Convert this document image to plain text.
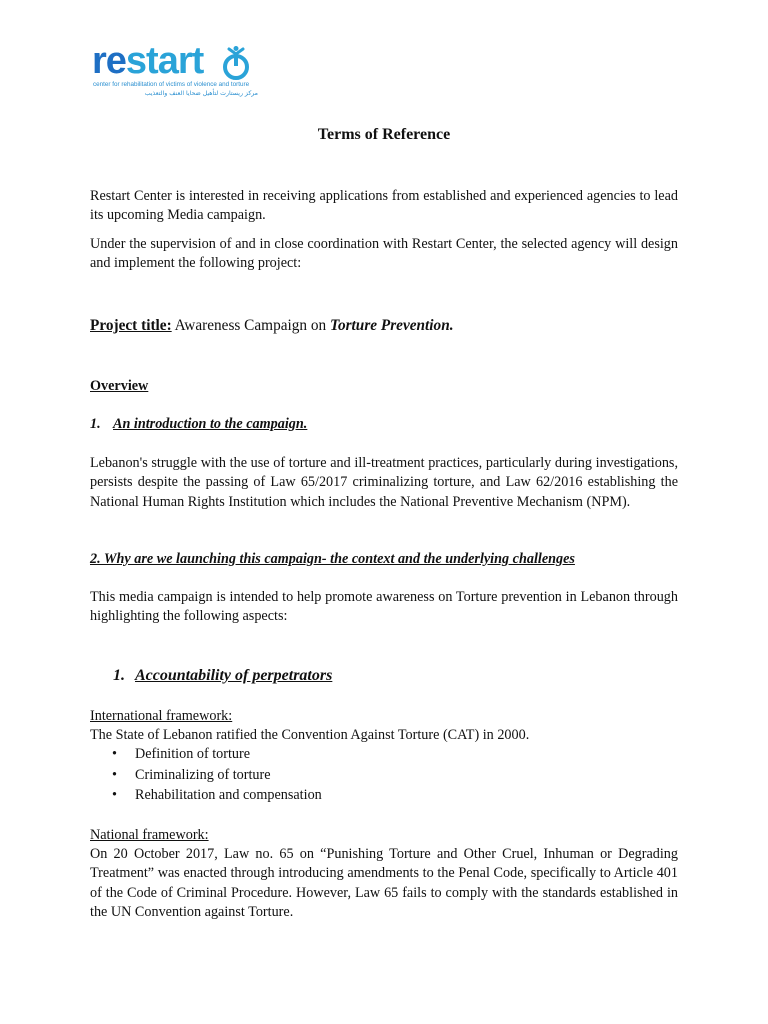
restart
center for rehabilitation of victims of violence and torture
مركز ريستارت لتأهيل ضحايا العنف والتعذيب
Terms of Reference

Restart Center is interested in receiving applications from established and experienced agencies to lead its upcoming Media campaign.

Under the supervision of and in close coordination with Restart Center, the selected agency will design and implement the following project:

Project title: Awareness Campaign on Torture Prevention.

Overview

1. An introduction to the campaign.

Lebanon's struggle with the use of torture and ill-treatment practices, particularly during investigations, persists despite the passing of Law 65/2017 criminalizing torture, and Law 62/2016 establishing the National Human Rights Institution which includes the National Preventive Mechanism (NPM).

2. Why are we launching this campaign- the context and the underlying challenges

This media campaign is intended to help promote awareness on Torture prevention in Lebanon through highlighting the following aspects:

1. Accountability of perpetrators

International framework:

The State of Lebanon ratified the Convention Against Torture (CAT) in 2000.

• Definition of torture
• Criminalizing of torture
• Rehabilitation and compensation

National framework:

On 20 October 2017, Law no. 65 on “Punishing Torture and Other Cruel, Inhuman or Degrading Treatment” was enacted through introducing amendments to the Penal Code, specifically to Article 401 of the Code of Criminal Procedure. However, Law 65 fails to comply with the standards established in the UN Convention against Torture.
